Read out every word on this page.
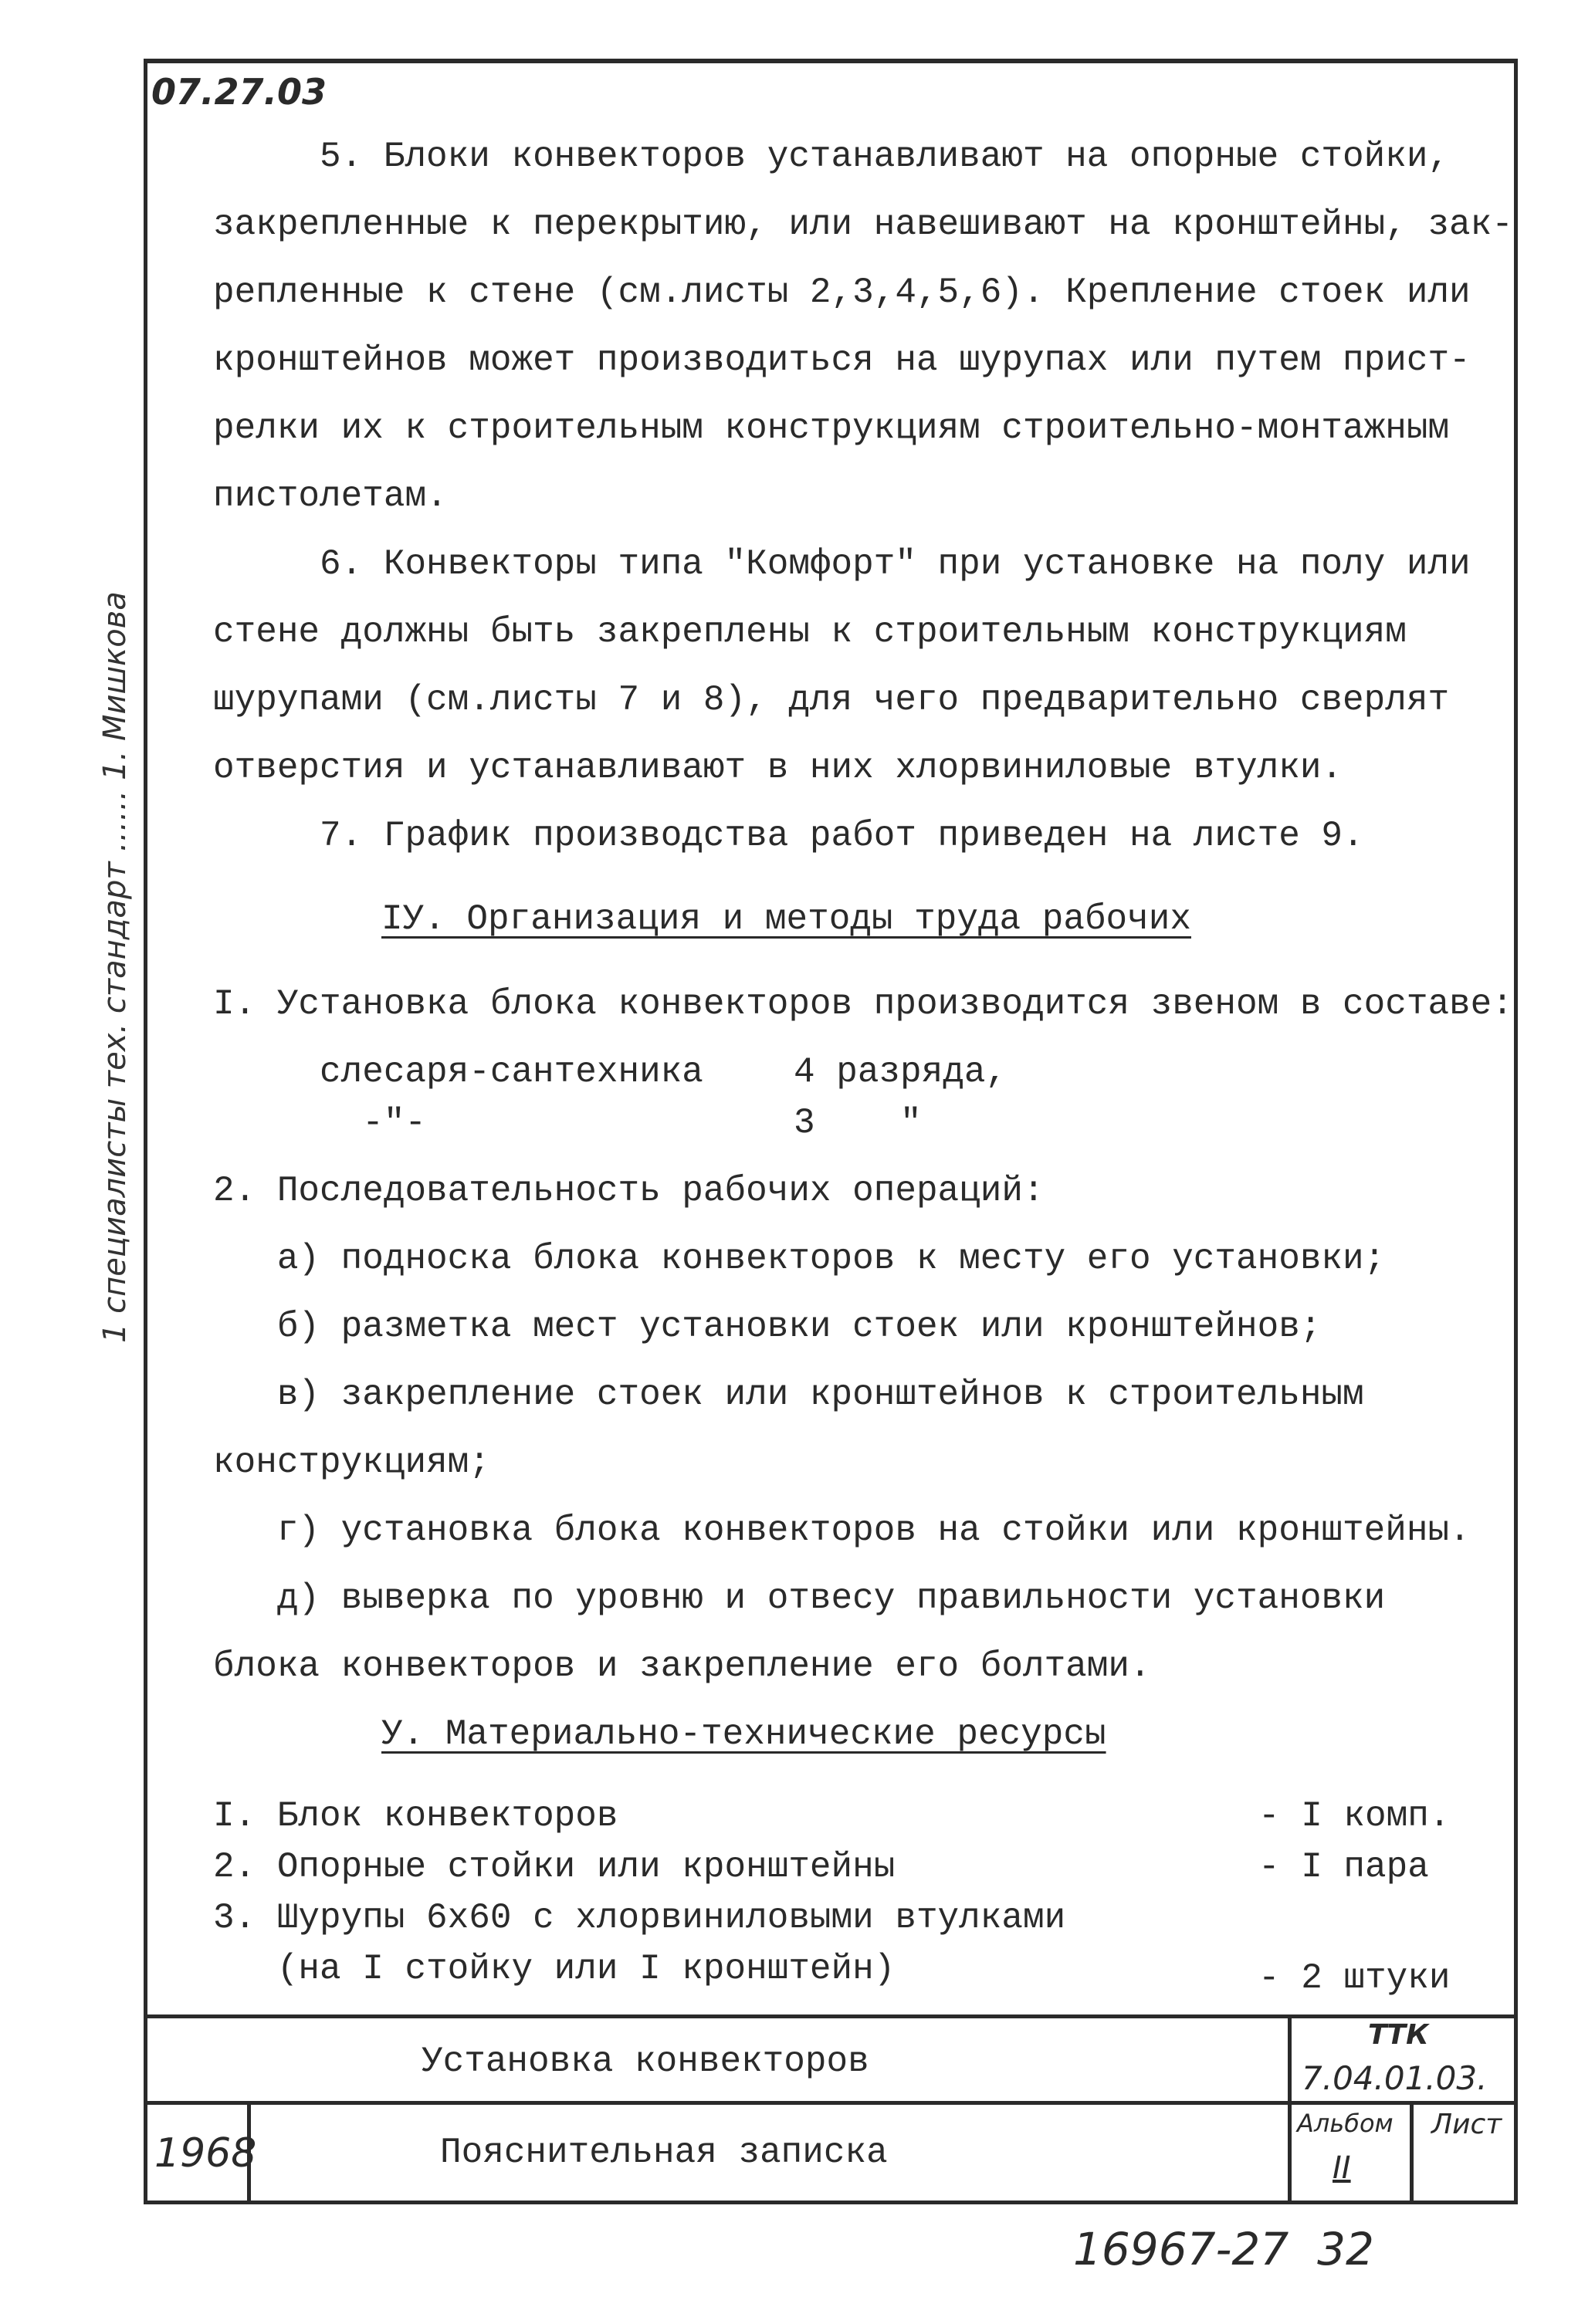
07.27.03
1 специалисты тех. стандарт …… 1. Мишкова
5. Блоки конвекторов устанавливают на опорные стойки,
закрепленные к перекрытию, или навешивают на кронштейны, зак-
репленные к стене (см.листы 2,3,4,5,6). Крепление стоек или
кронштейнов может производиться на шурупах или путем прист-
релки их к строительным конструкциям строительно-монтажным
пистолетам.
6. Конвекторы типа "Комфорт" при установке на полу или
стене должны быть закреплены к строительным конструкциям
шурупами (см.листы 7 и 8), для чего предварительно сверлят
отверстия и устанавливают в них хлорвиниловые втулки.
7. График производства работ приведен на листе 9.
IУ. Организация и методы труда рабочих
I. Установка блока конвекторов производится звеном в составе:
слесаря-сантехника	4 разряда,
-"-	3    "
2. Последовательность рабочих операций:
а) подноска блока конвекторов к месту его установки;
б) разметка мест установки стоек или кронштейнов;
в) закрепление стоек или кронштейнов к строительным
конструкциям;
г) установка блока конвекторов на стойки или кронштейны.
д) выверка по уровню и отвесу правильности установки
блока конвекторов и закрепление его болтами.
У. Материально-технические ресурсы
I. Блок конвекторов	- I комп.
2. Опорные стойки или кронштейны	- I пара
3. Шурупы 6х60 с хлорвиниловыми втулками
(на I стойку или I кронштейн)	- 2 штуки
Установка конвекторов
Пояснительная записка
1968
ТТК
7.04.01.03.
Альбом
II
Лист
16967-27  32
